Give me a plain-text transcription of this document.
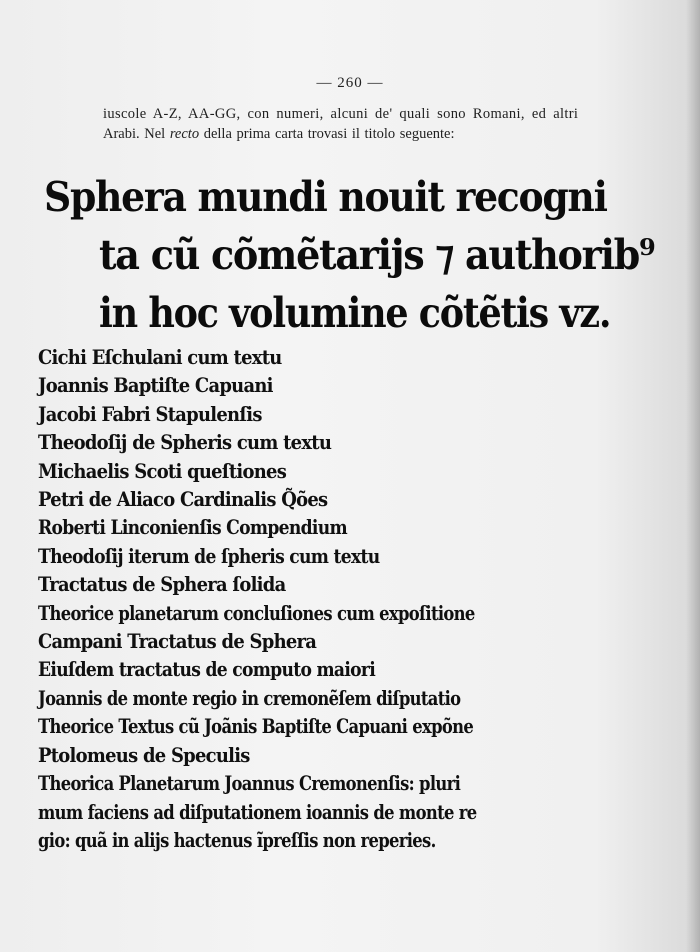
— 260 —
iuscole A-Z, AA-GG, con numeri, alcuni de' quali sono Romani, ed altri
Arabi. Nel recto della prima carta trovasi il titolo seguente:
Sphera mundi nouit recogni
ta cũ cõmẽtarijs ⁊ authorib⁹
in hoc volumine cõtẽtis vz.
Cichi Eſchulani cum textu
Joannis Baptiſte Capuani
Jacobi Fabri Stapulenſis
Theodoſij de Spheris cum textu
Michaelis Scoti queſtiones
Petri de Aliaco Cardinalis Q̃ões
Roberti Linconienſis Compendium
Theodoſij iterum de ſpheris cum textu
Tractatus de Sphera ſolida
Theorice planetarum concluſiones cum expoſitione
Campani Tractatus de Sphera
Eiuſdem tractatus de computo maiori
Joannis de monte regio in cremonẽſem diſputatio
Theorice Textus cũ Joãnis Baptiſte Capuani expõne
Ptolomeus de Speculis
Theorica Planetarum Joannus Cremonenſis: pluri
mum faciens ad diſputationem ioannis de monte re
gio: quã in alijs hactenus ĩpreſſis non reperies.
